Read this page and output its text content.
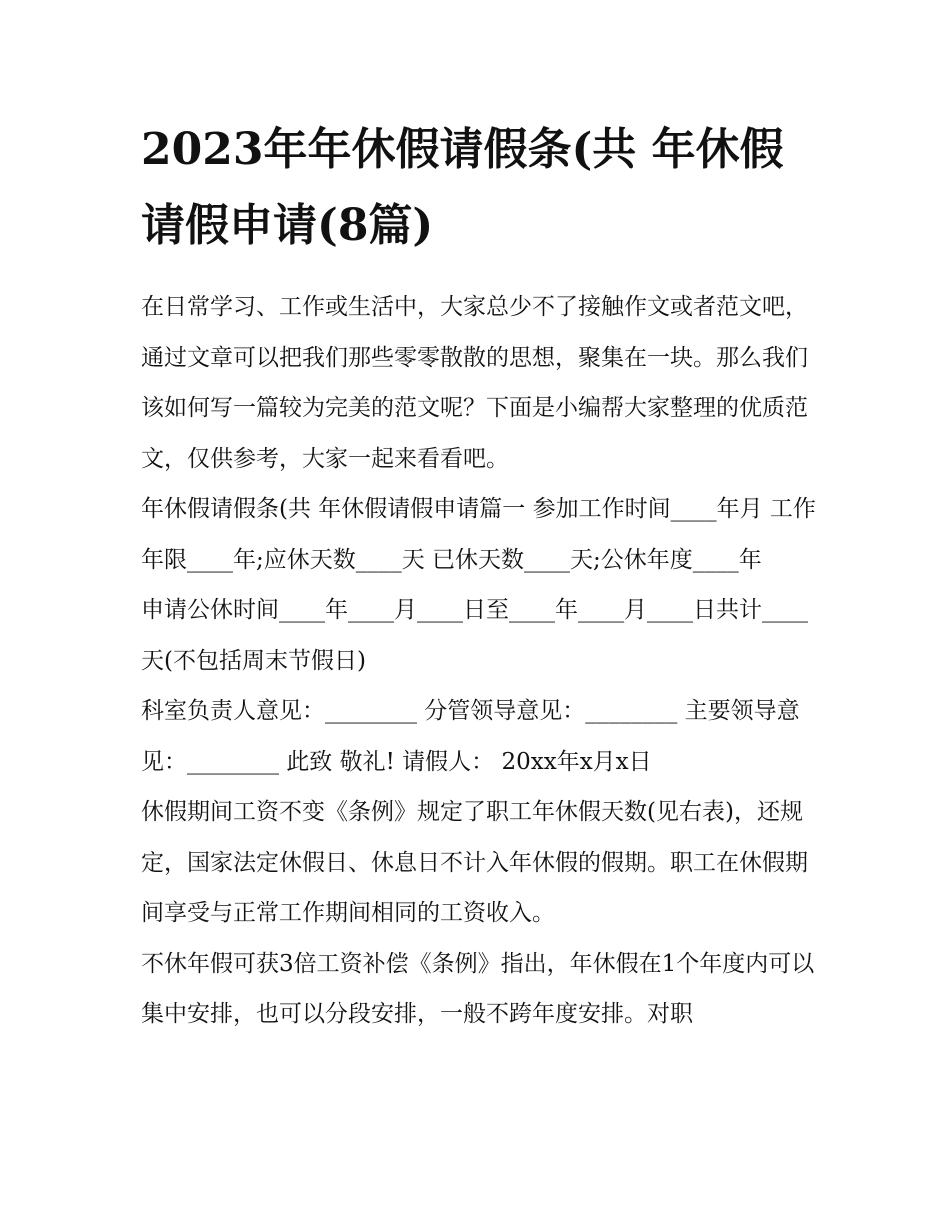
2023年年休假请假条(共 年休假请假申请(8篇)

在日常学习、工作或生活中，大家总少不了接触作文或者范文吧，通过文章可以把我们那些零零散散的思想，聚集在一块。那么我们该如何写一篇较为完美的范文呢？下面是小编帮大家整理的优质范文，仅供参考，大家一起来看看吧。

年休假请假条(共 年休假请假申请篇一 参加工作时间____年月 工作年限____年;应休天数____天 已休天数____天;公休年度____年

申请公休时间____年____月____日至____年____月____日共计____天(不包括周末节假日)

科室负责人意见：________ 分管领导意见：________ 主要领导意见：________ 此致 敬礼! 请假人： 20xx年x月x日

休假期间工资不变《条例》规定了职工年休假天数(见右表)，还规定，国家法定休假日、休息日不计入年休假的假期。职工在休假期间享受与正常工作期间相同的工资收入。

不休年假可获3倍工资补偿《条例》指出，年休假在1个年度内可以集中安排，也可以分段安排，一般不跨年度安排。对职
